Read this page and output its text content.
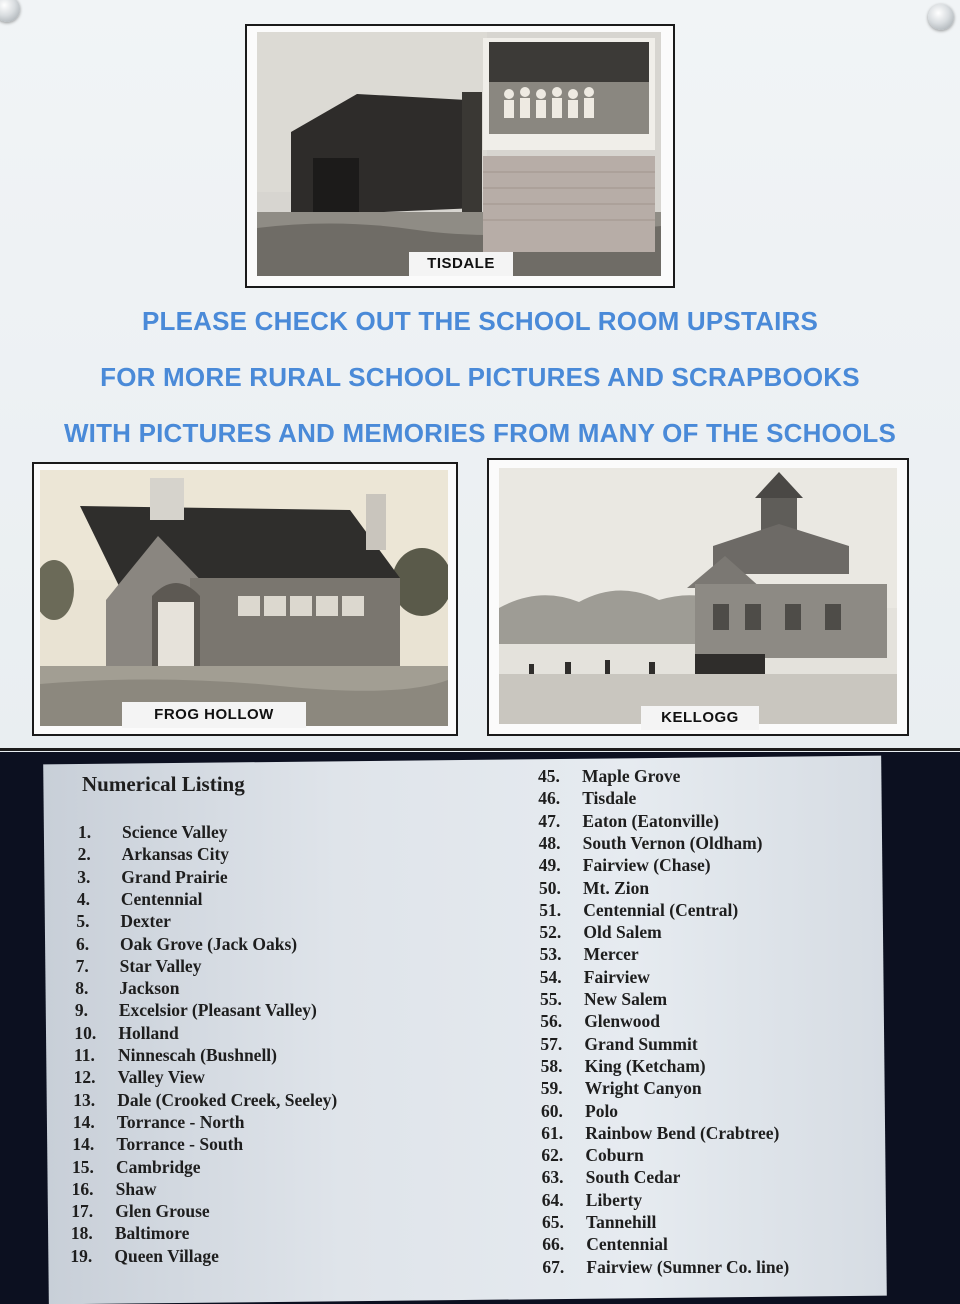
TISDALE
PLEASE CHECK OUT THE SCHOOL ROOM UPSTAIRS
FOR MORE RURAL SCHOOL PICTURES AND SCRAPBOOKS
WITH PICTURES AND MEMORIES FROM MANY OF THE SCHOOLS
FROG HOLLOW	KELLOGG
Numerical Listing
1. Science Valley
2. Arkansas City
3. Grand Prairie
4. Centennial
5. Dexter
6. Oak Grove (Jack Oaks)
7. Star Valley
8. Jackson
9. Excelsior (Pleasant Valley)
10. Holland
11. Ninnescah (Bushnell)
12. Valley View
13. Dale (Crooked Creek, Seeley)
14. Torrance - North
14. Torrance - South
15. Cambridge
16. Shaw
17. Glen Grouse
18. Baltimore
19. Queen Village
45. Maple Grove
46. Tisdale
47. Eaton (Eatonville)
48. South Vernon (Oldham)
49. Fairview (Chase)
50. Mt. Zion
51. Centennial (Central)
52. Old Salem
53. Mercer
54. Fairview
55. New Salem
56. Glenwood
57. Grand Summit
58. King (Ketcham)
59. Wright Canyon
60. Polo
61. Rainbow Bend (Crabtree)
62. Coburn
63. South Cedar
64. Liberty
65. Tannehill
66. Centennial
67. Fairview (Sumner Co. line)
